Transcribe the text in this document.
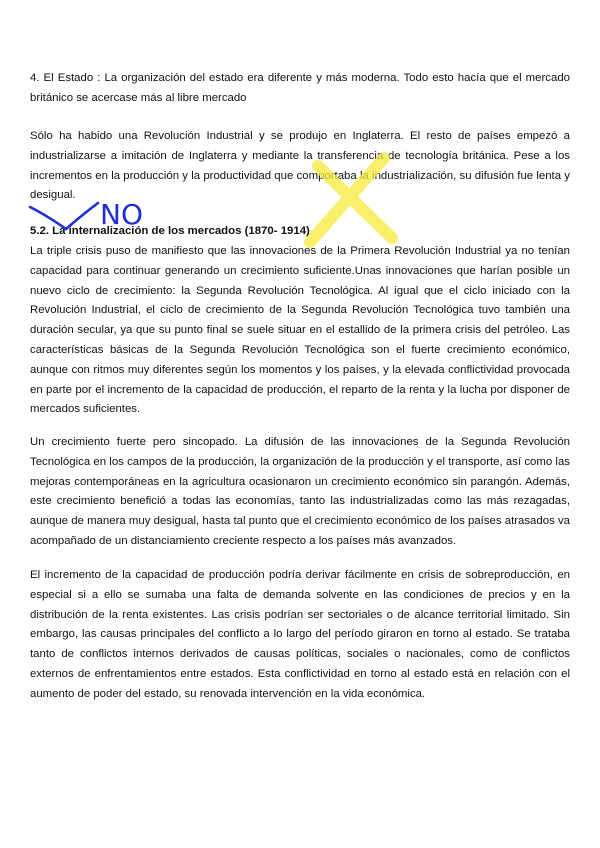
4. El Estado : La organización del estado era diferente y más moderna. Todo esto hacía que el mercado británico se acercase más al libre mercado

Sólo ha habido una Revolución Industrial y se produjo en Inglaterra. El resto de países empezó a industrializarse a imitación de Inglaterra y mediante la transferencia de tecnología británica. Pese a los incrementos en la producción y la productividad que comportaba la industrialización, su difusión fue lenta y desigual.

5.2. La internalización de los mercados (1870- 1914)

La triple crisis puso de manifiesto que las innovaciones de la Primera Revolución Industrial ya no tenían capacidad para continuar generando un crecimiento suficiente.Unas innovaciones que harían posible un nuevo ciclo de crecimiento: la Segunda Revolución Tecnológica. Al igual que el ciclo iniciado con la Revolución Industrial, el ciclo de crecimiento de la Segunda Revolución Tecnológica tuvo también una duración secular, ya que su punto final se suele situar en el estallido de la primera crisis del petróleo. Las características básicas de la Segunda Revolución Tecnológica son el fuerte crecimiento económico, aunque con ritmos muy diferentes según los momentos y los países, y la elevada conflictividad provocada en parte por el incremento de la capacidad de producción, el reparto de la renta y la lucha por disponer de mercados suficientes.

Un crecimiento fuerte pero sincopado. La difusión de las innovaciones de la Segunda Revolución Tecnológica en los campos de la producción, la organización de la producción y el transporte, así como las mejoras contemporáneas en la agricultura ocasionaron un crecimiento económico sin parangón. Además, este crecimiento benefició a todas las economías, tanto las industrializadas como las más rezagadas, aunque de manera muy desigual, hasta tal punto que el crecimiento económico de los países atrasados va acompañado de un distanciamiento creciente respecto a los países más avanzados.

El incremento de la capacidad de producción podría derivar fácilmente en crisis de sobreproducción, en especial si a ello se sumaba una falta de demanda solvente en las condiciones de precios y en la distribución de la renta existentes. Las crisis podrían ser sectoriales o de alcance territorial limitado. Sin embargo, las causas principales del conflicto a lo largo del período giraron en torno al estado. Se trataba tanto de conflictos internos derivados de causas políticas, sociales o nacionales, como de conflictos externos de enfrentamientos entre estados. Esta conflictividad en torno al estado está en relación con el aumento de poder del estado, su renovada intervención en la vida económica.

NO
